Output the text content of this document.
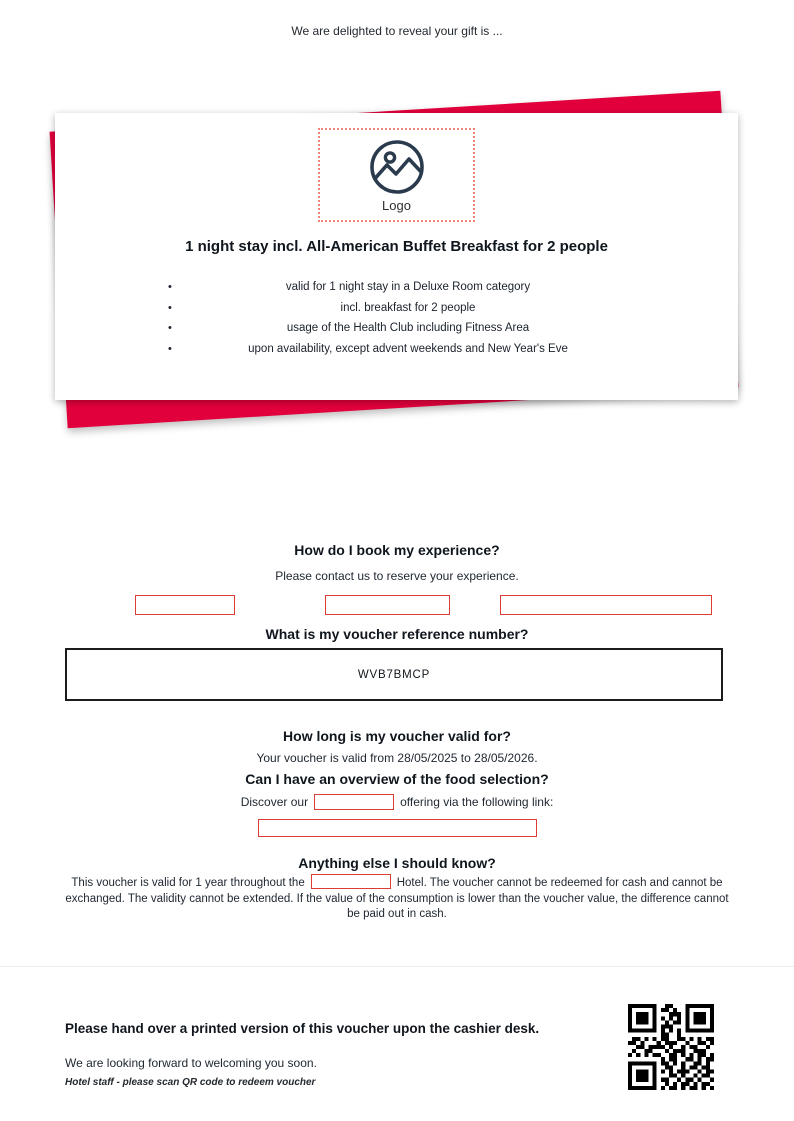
We are delighted to reveal your gift is ...
Logo
1 night stay incl. All-American Buffet Breakfast for 2 people
• valid for 1 night stay in a Deluxe Room category
• incl. breakfast for 2 people
• usage of the Health Club including Fitness Area
• upon availability, except advent weekends and New Year's Eve
How do I book my experience?
Please contact us to reserve your experience.
What is my voucher reference number?
WVB7BMCP
How long is my voucher valid for?
Your voucher is valid from 28/05/2025 to 28/05/2026.
Can I have an overview of the food selection?
Discover our	offering via the following link:
Anything else I should know?

This voucher is valid for 1 year throughout the	Hotel. The voucher cannot be redeemed for cash and cannot be exchanged. The validity cannot be extended. If the value of the consumption is lower than the voucher value, the difference cannot be paid out in cash.

Please hand over a printed version of this voucher upon the cashier desk.
We are looking forward to welcoming you soon.
Hotel staff - please scan QR code to redeem voucher
